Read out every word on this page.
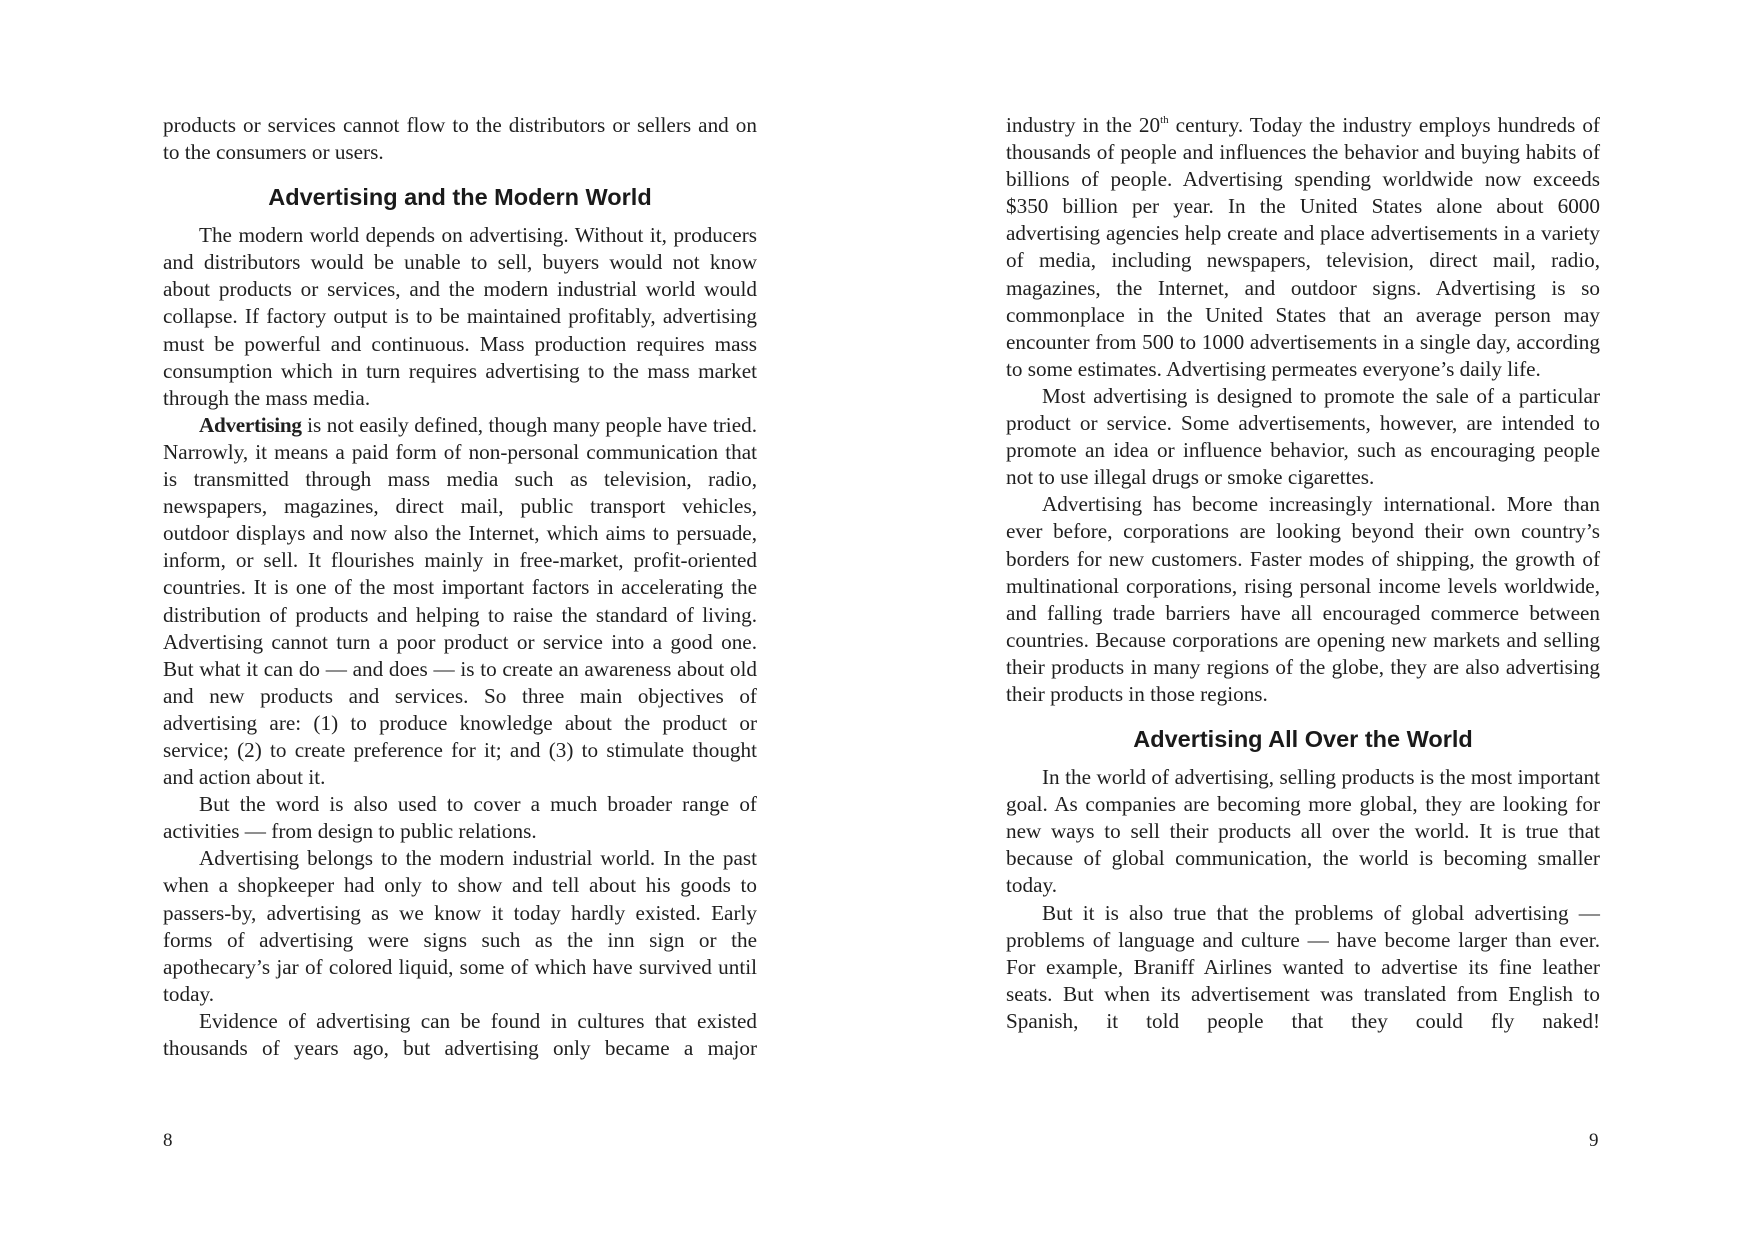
products or services cannot flow to the distributors or sellers and on to the consumers or users.

Advertising and the Modern World

The modern world depends on advertising. Without it, producers and distributors would be unable to sell, buyers would not know about products or services, and the modern industrial world would collapse. If factory output is to be maintained profitably, advertising must be powerful and continuous. Mass production requires mass consumption which in turn requires advertising to the mass market through the mass media.

Advertising is not easily defined, though many people have tried. Narrowly, it means a paid form of non-personal communication that is transmitted through mass media such as television, radio, newspapers, magazines, direct mail, public transport vehicles, outdoor displays and now also the Internet, which aims to persuade, inform, or sell. It flourishes mainly in free-market, profit-oriented countries. It is one of the most important factors in accelerating the distribution of products and helping to raise the standard of living. Advertising cannot turn a poor product or service into a good one. But what it can do — and does — is to create an awareness about old and new products and services. So three main objectives of advertising are: (1) to produce knowledge about the product or service; (2) to create preference for it; and (3) to stimulate thought and action about it.

But the word is also used to cover a much broader range of activities — from design to public relations.

Advertising belongs to the modern industrial world. In the past when a shopkeeper had only to show and tell about his goods to passers-by, advertising as we know it today hardly existed. Early forms of advertising were signs such as the inn sign or the apothecary’s jar of colored liquid, some of which have survived until today.

Evidence of advertising can be found in cultures that existed thousands of years ago, but advertising only became a major

8

industry in the 20th century. Today the industry employs hundreds of thousands of people and influences the behavior and buying habits of billions of people. Advertising spending worldwide now exceeds $350 billion per year. In the United States alone about 6000 advertising agencies help create and place advertisements in a variety of media, including newspapers, television, direct mail, radio, magazines, the Internet, and outdoor signs. Advertising is so commonplace in the United States that an average person may encounter from 500 to 1000 advertisements in a single day, according to some estimates. Advertising permeates everyone’s daily life.

Most advertising is designed to promote the sale of a particular product or service. Some advertisements, however, are intended to promote an idea or influence behavior, such as encouraging people not to use illegal drugs or smoke cigarettes.

Advertising has become increasingly international. More than ever before, corporations are looking beyond their own country’s borders for new customers. Faster modes of shipping, the growth of multinational corporations, rising personal income levels worldwide, and falling trade barriers have all encouraged commerce between countries. Because corporations are opening new markets and selling their products in many regions of the globe, they are also advertising their products in those regions.

Advertising All Over the World

In the world of advertising, selling products is the most important goal. As companies are becoming more global, they are looking for new ways to sell their products all over the world. It is true that because of global communication, the world is becoming smaller today.

But it is also true that the problems of global advertising — problems of language and culture — have become larger than ever. For example, Braniff Airlines wanted to advertise its fine leather seats. But when its advertisement was translated from English to Spanish, it told people that they could fly naked!

9
